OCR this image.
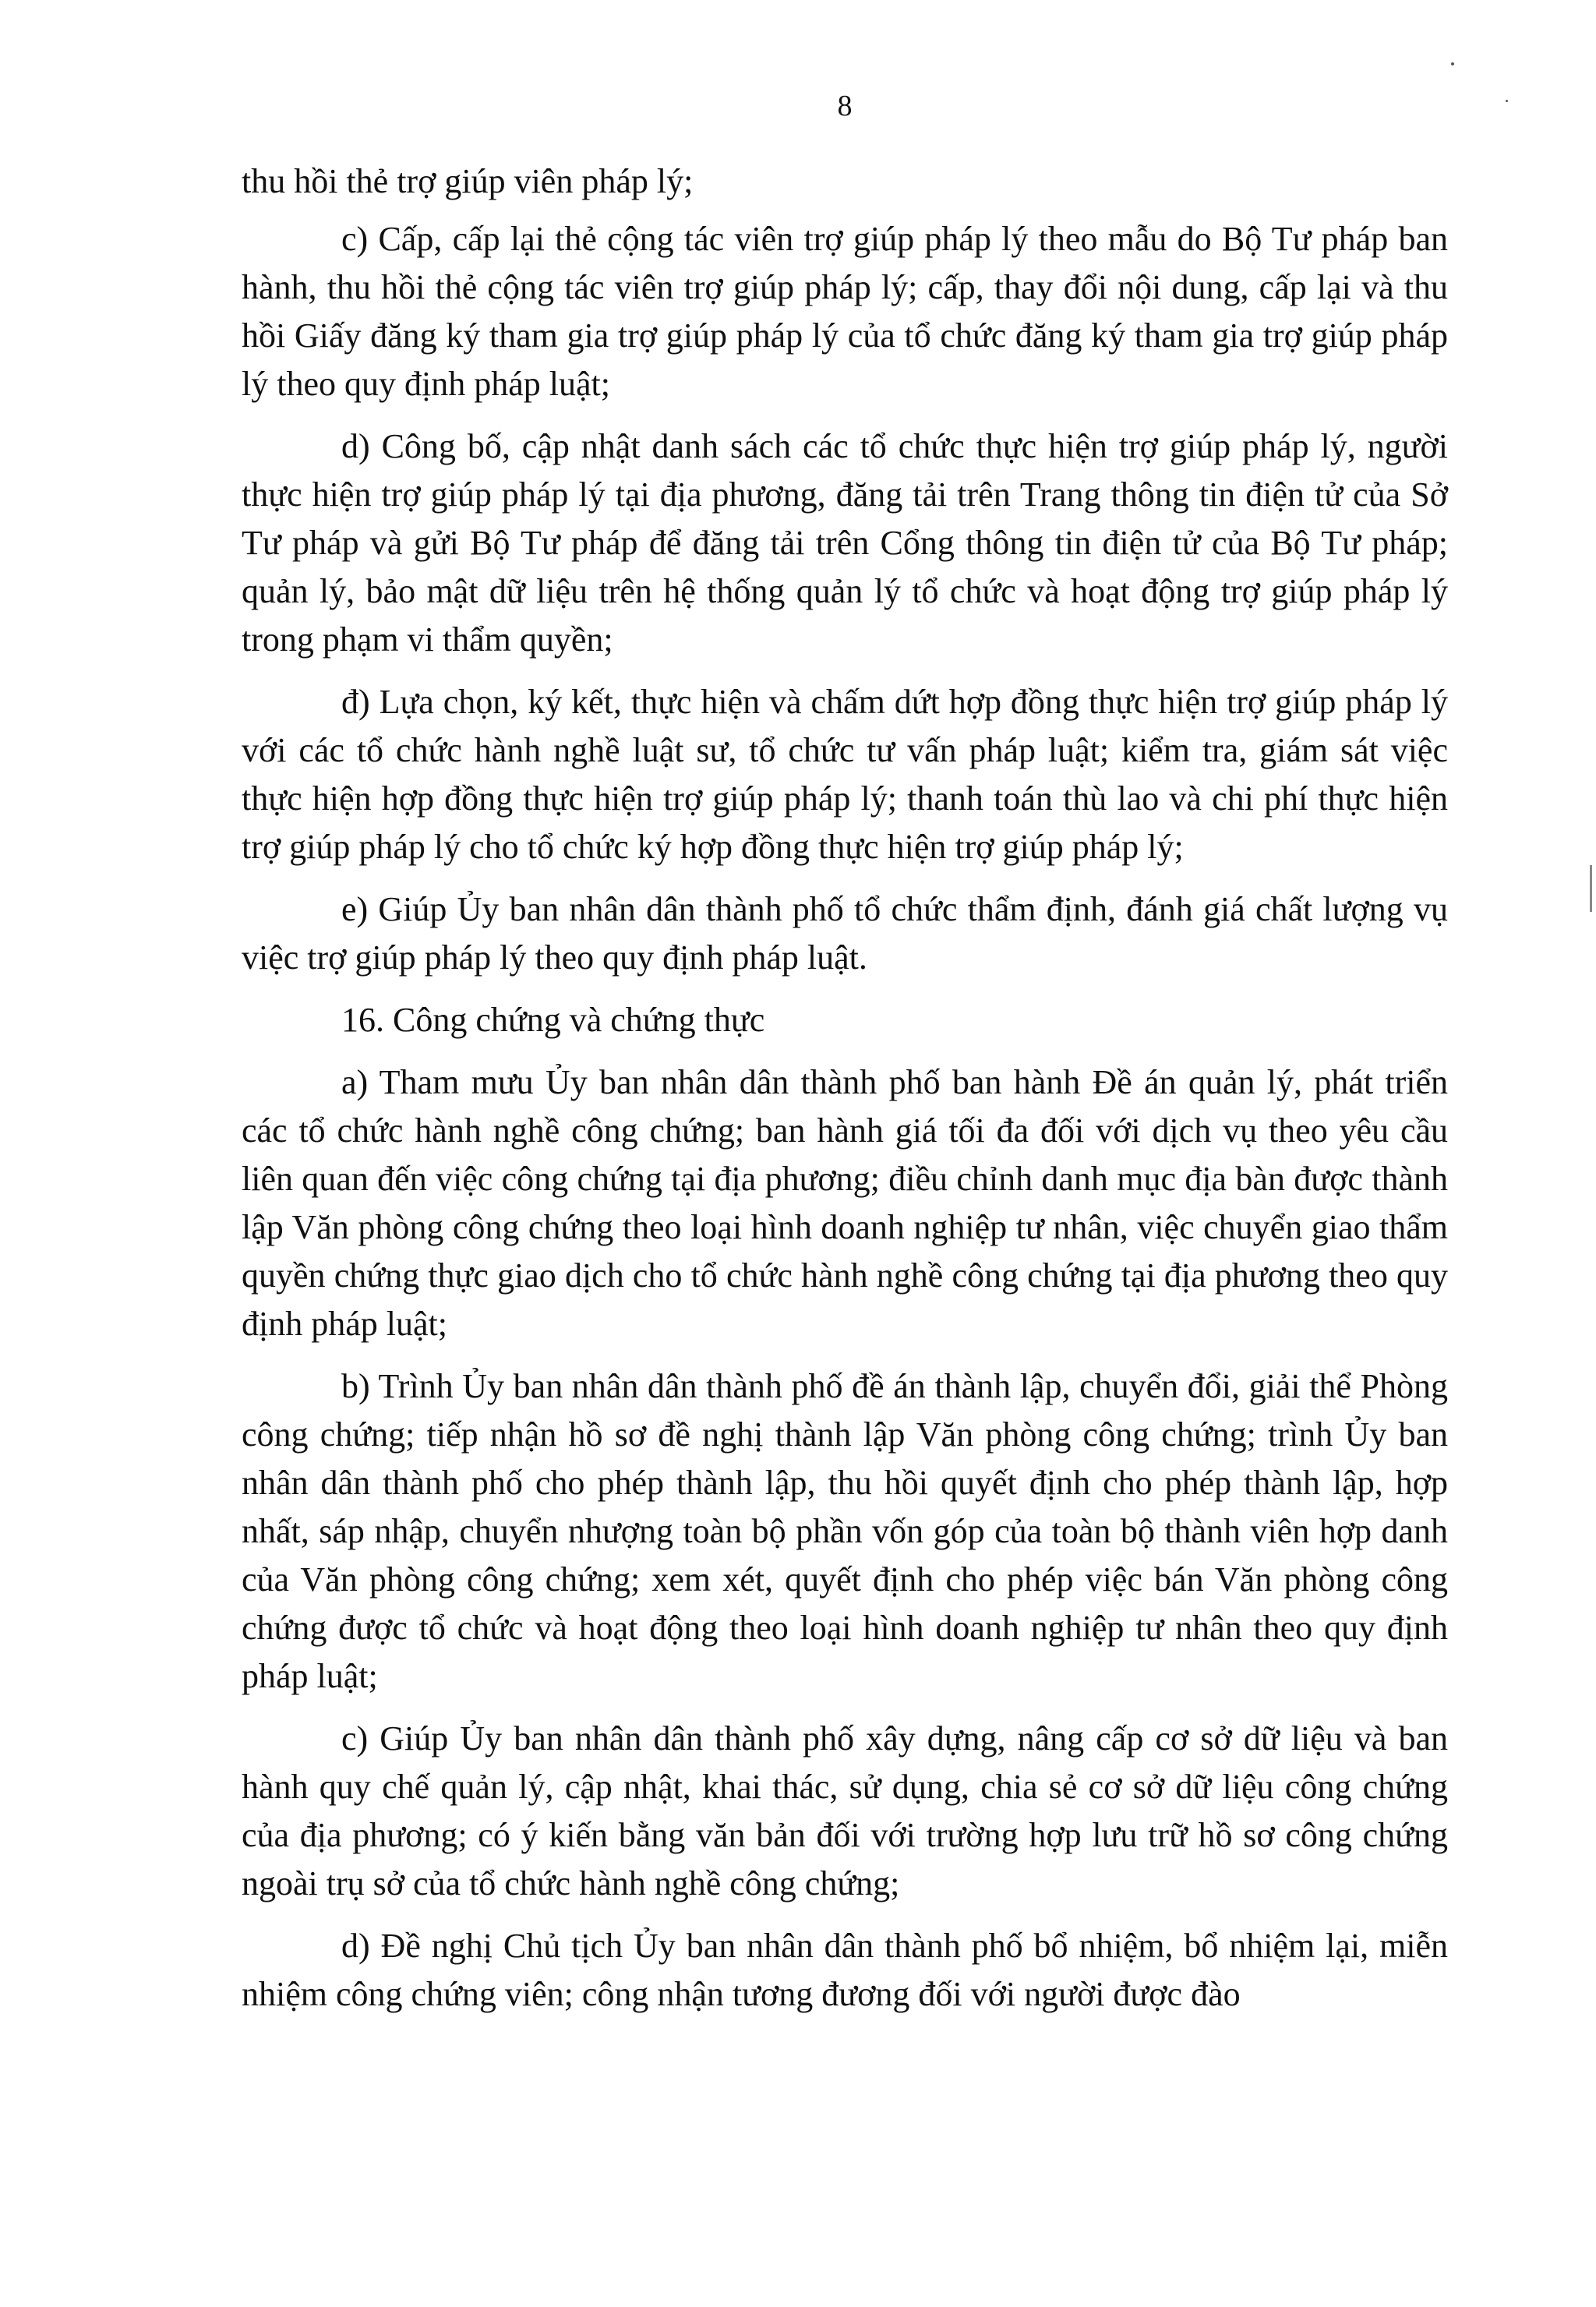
8

thu hồi thẻ trợ giúp viên pháp lý;

c) Cấp, cấp lại thẻ cộng tác viên trợ giúp pháp lý theo mẫu do Bộ Tư pháp ban hành, thu hồi thẻ cộng tác viên trợ giúp pháp lý; cấp, thay đổi nội dung, cấp lại và thu hồi Giấy đăng ký tham gia trợ giúp pháp lý của tổ chức đăng ký tham gia trợ giúp pháp lý theo quy định pháp luật;

d) Công bố, cập nhật danh sách các tổ chức thực hiện trợ giúp pháp lý, người thực hiện trợ giúp pháp lý tại địa phương, đăng tải trên Trang thông tin điện tử của Sở Tư pháp và gửi Bộ Tư pháp để đăng tải trên Cổng thông tin điện tử của Bộ Tư pháp; quản lý, bảo mật dữ liệu trên hệ thống quản lý tổ chức và hoạt động trợ giúp pháp lý trong phạm vi thẩm quyền;

đ) Lựa chọn, ký kết, thực hiện và chấm dứt hợp đồng thực hiện trợ giúp pháp lý với các tổ chức hành nghề luật sư, tổ chức tư vấn pháp luật; kiểm tra, giám sát việc thực hiện hợp đồng thực hiện trợ giúp pháp lý; thanh toán thù lao và chi phí thực hiện trợ giúp pháp lý cho tổ chức ký hợp đồng thực hiện trợ giúp pháp lý;

e) Giúp Ủy ban nhân dân thành phố tổ chức thẩm định, đánh giá chất lượng vụ việc trợ giúp pháp lý theo quy định pháp luật.

16. Công chứng và chứng thực

a) Tham mưu Ủy ban nhân dân thành phố ban hành Đề án quản lý, phát triển các tổ chức hành nghề công chứng; ban hành giá tối đa đối với dịch vụ theo yêu cầu liên quan đến việc công chứng tại địa phương; điều chỉnh danh mục địa bàn được thành lập Văn phòng công chứng theo loại hình doanh nghiệp tư nhân, việc chuyển giao thẩm quyền chứng thực giao dịch cho tổ chức hành nghề công chứng tại địa phương theo quy định pháp luật;

b) Trình Ủy ban nhân dân thành phố đề án thành lập, chuyển đổi, giải thể Phòng công chứng; tiếp nhận hồ sơ đề nghị thành lập Văn phòng công chứng; trình Ủy ban nhân dân thành phố cho phép thành lập, thu hồi quyết định cho phép thành lập, hợp nhất, sáp nhập, chuyển nhượng toàn bộ phần vốn góp của toàn bộ thành viên hợp danh của Văn phòng công chứng; xem xét, quyết định cho phép việc bán Văn phòng công chứng được tổ chức và hoạt động theo loại hình doanh nghiệp tư nhân theo quy định pháp luật;

c) Giúp Ủy ban nhân dân thành phố xây dựng, nâng cấp cơ sở dữ liệu và ban hành quy chế quản lý, cập nhật, khai thác, sử dụng, chia sẻ cơ sở dữ liệu công chứng của địa phương; có ý kiến bằng văn bản đối với trường hợp lưu trữ hồ sơ công chứng ngoài trụ sở của tổ chức hành nghề công chứng;

d) Đề nghị Chủ tịch Ủy ban nhân dân thành phố bổ nhiệm, bổ nhiệm lại, miễn nhiệm công chứng viên; công nhận tương đương đối với người được đào
